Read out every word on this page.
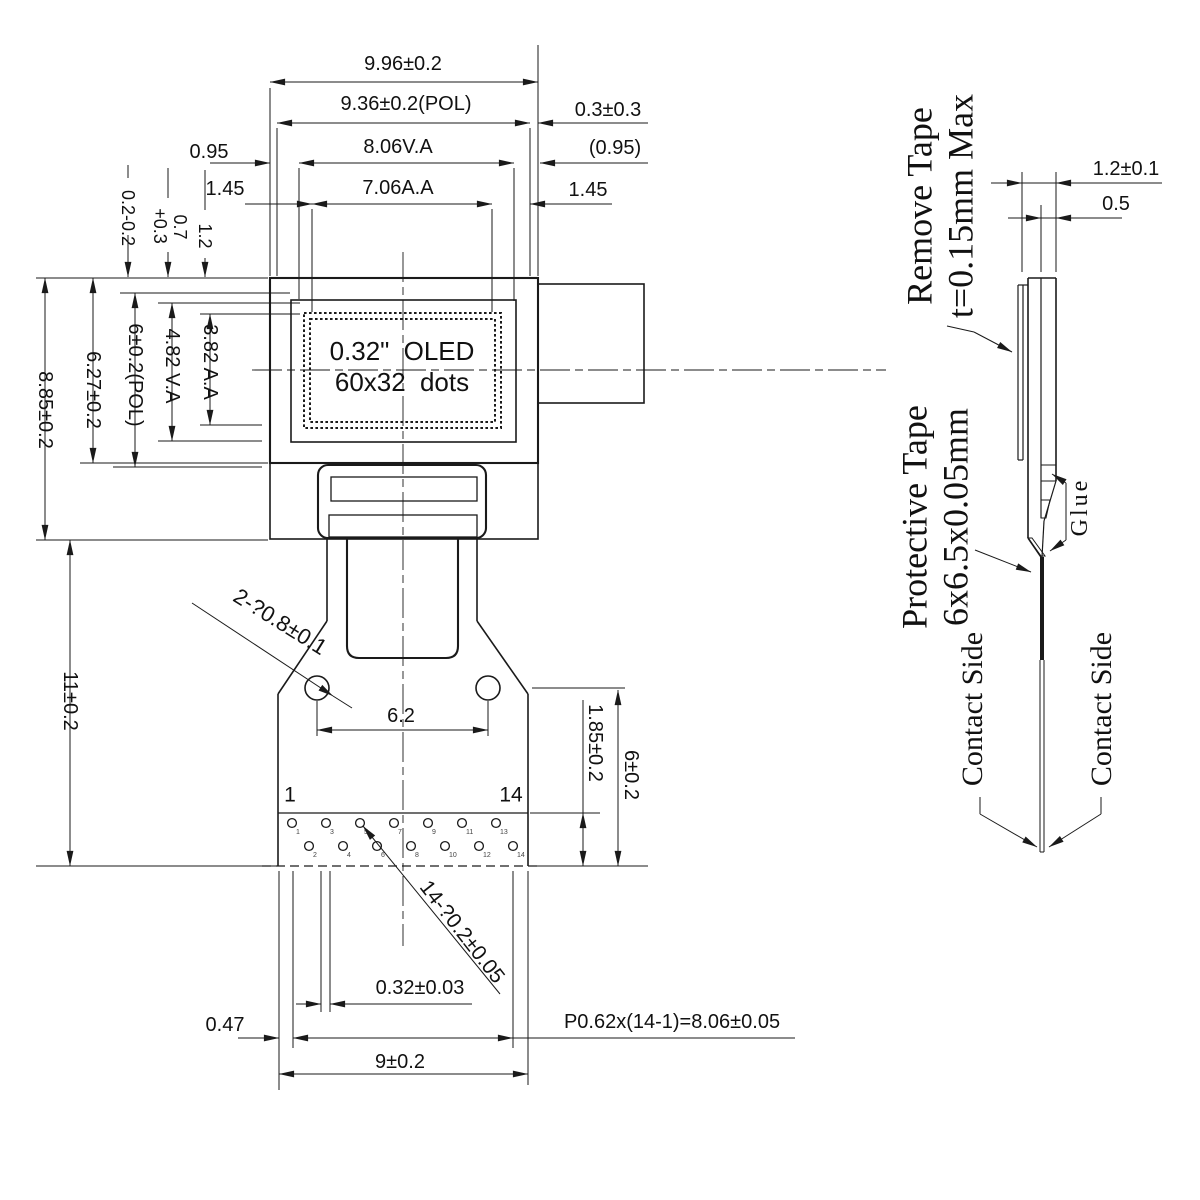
1
2
3
4
5
6
7
8
9
10
11
12
13
14
9.96±0.2
9.36±0.2(POL)	0.3±0.3
0.95	8.06V.A	(0.95)
1.45	7.06A.A	1.45
0.2-0.2 +0.3 0.7 1.2
8.85±0.2 6.27±0.2 6±0.2(POL) 4.82 V.A 3.82 A.A
11±0.2
0.32" OLED
60x32 dots
2-?0.8±0.1
6.2
1	14
1.85±0.2 6±0.2
14-?0.2±0.05
0.32±0.03
0.47	P0.62x(14-1)=8.06±0.05
9±0.2
1.2±0.1
0.5
Remove Tape t=0.15mm Max
Protective Tape 6x6.5x0.05mm	Glue
Contact Side	Contact Side
